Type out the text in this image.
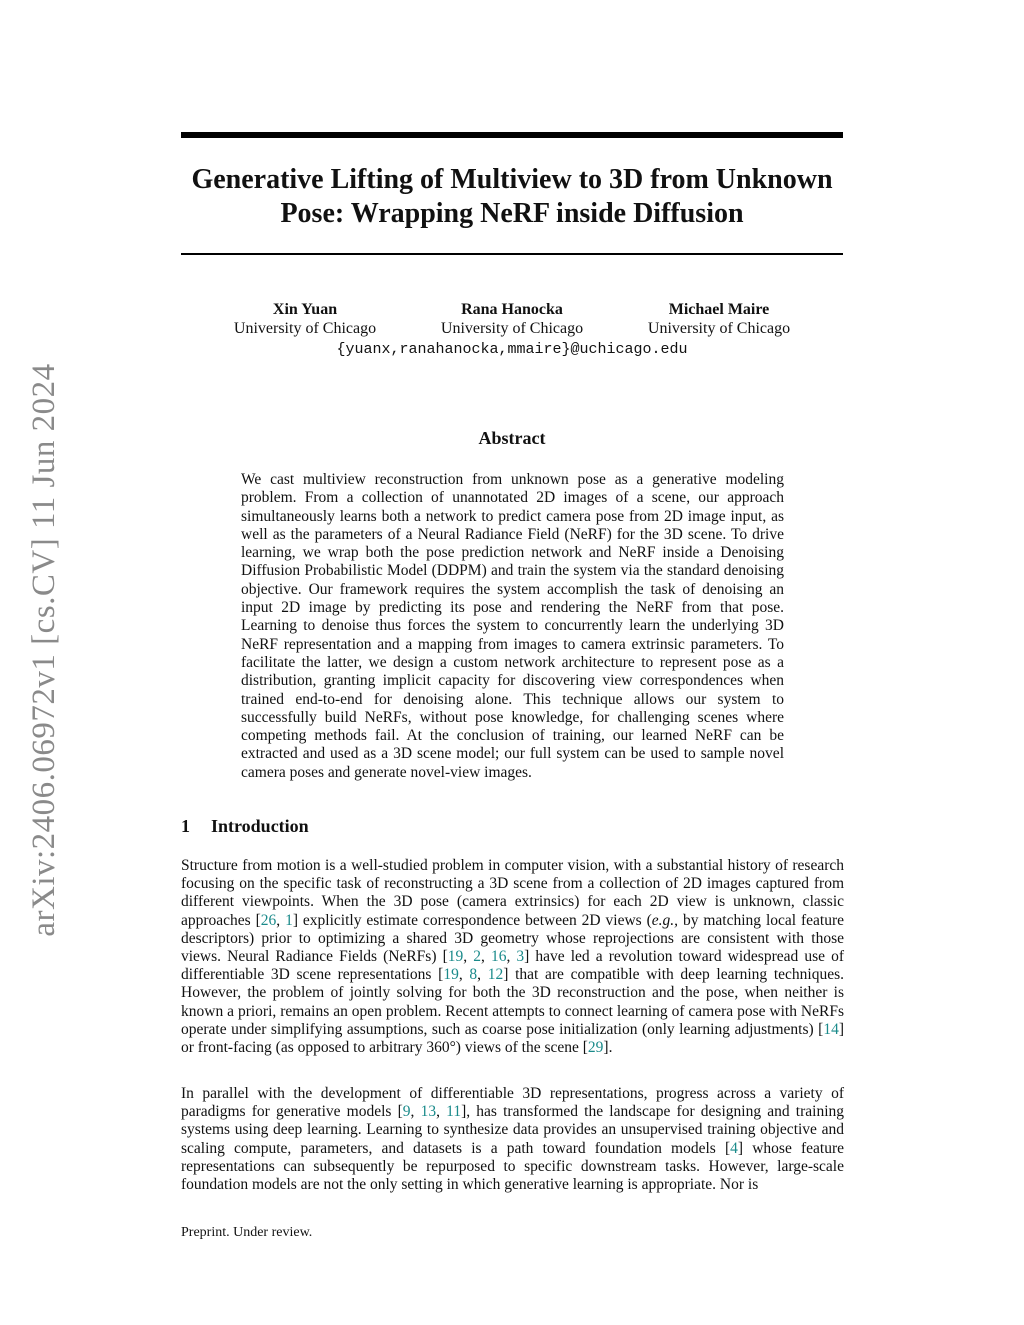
arXiv:2406.06972v1 [cs.CV] 11 Jun 2024
Generative Lifting of Multiview to 3D from Unknown
Pose: Wrapping NeRF inside Diffusion
Xin Yuan
University of Chicago
Rana Hanocka
University of Chicago
Michael Maire
University of Chicago
{yuanx,ranahanocka,mmaire}@uchicago.edu
Abstract

We cast multiview reconstruction from unknown pose as a generative modeling problem. From a collection of unannotated 2D images of a scene, our approach simultaneously learns both a network to predict camera pose from 2D image input, as well as the parameters of a Neural Radiance Field (NeRF) for the 3D scene. To drive learning, we wrap both the pose prediction network and NeRF inside a Denoising Diffusion Probabilistic Model (DDPM) and train the system via the standard denoising objective. Our framework requires the system accomplish the task of denoising an input 2D image by predicting its pose and rendering the NeRF from that pose. Learning to denoise thus forces the system to concurrently learn the underlying 3D NeRF representation and a mapping from images to camera extrinsic parameters. To facilitate the latter, we design a custom network architecture to represent pose as a distribution, granting implicit capacity for discovering view correspondences when trained end-to-end for denoising alone. This technique allows our system to successfully build NeRFs, without pose knowledge, for challenging scenes where competing methods fail. At the conclusion of training, our learned NeRF can be extracted and used as a 3D scene model; our full system can be used to sample novel camera poses and generate novel-view images.

1 Introduction

Structure from motion is a well-studied problem in computer vision, with a substantial history of research focusing on the specific task of reconstructing a 3D scene from a collection of 2D images captured from different viewpoints. When the 3D pose (camera extrinsics) for each 2D view is unknown, classic approaches [26, 1] explicitly estimate correspondence between 2D views (e.g., by matching local feature descriptors) prior to optimizing a shared 3D geometry whose reprojections are consistent with those views. Neural Radiance Fields (NeRFs) [19, 2, 16, 3] have led a revolution toward widespread use of differentiable 3D scene representations [19, 8, 12] that are compatible with deep learning techniques. However, the problem of jointly solving for both the 3D reconstruction and the pose, when neither is known a priori, remains an open problem. Recent attempts to connect learning of camera pose with NeRFs operate under simplifying assumptions, such as coarse pose initialization (only learning adjustments) [14] or front-facing (as opposed to arbitrary 360°) views of the scene [29].

In parallel with the development of differentiable 3D representations, progress across a variety of paradigms for generative models [9, 13, 11], has transformed the landscape for designing and training systems using deep learning. Learning to synthesize data provides an unsupervised training objective and scaling compute, parameters, and datasets is a path toward foundation models [4] whose feature representations can subsequently be repurposed to specific downstream tasks. However, large-scale foundation models are not the only setting in which generative learning is appropriate. Nor is

Preprint. Under review.
